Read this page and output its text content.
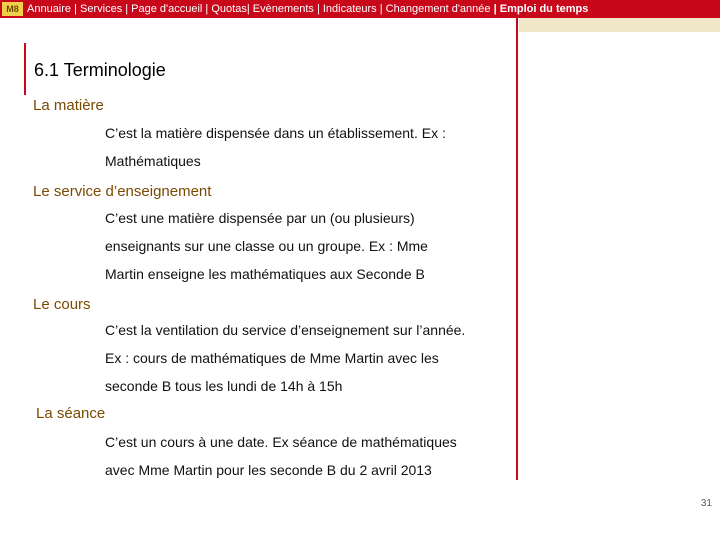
M8 Annuaire | Services | Page d'accueil | Quotas| Evènements | Indicateurs | Changement d'année | Emploi du temps
6.1 Terminologie

La matière

C’est la matière dispensée dans un établissement. Ex :

Mathématiques

Le service d’enseignement

C’est une matière dispensée par un (ou plusieurs)

enseignants sur une classe ou un groupe. Ex : Mme

Martin enseigne les mathématiques aux Seconde B

Le cours

C’est la ventilation du service d’enseignement sur l’année.

Ex : cours de mathématiques de Mme Martin avec les

seconde B tous les lundi de 14h à 15h

La séance

C’est un cours à une date. Ex séance de mathématiques

avec Mme Martin pour les seconde B du 2 avril 2013

31
